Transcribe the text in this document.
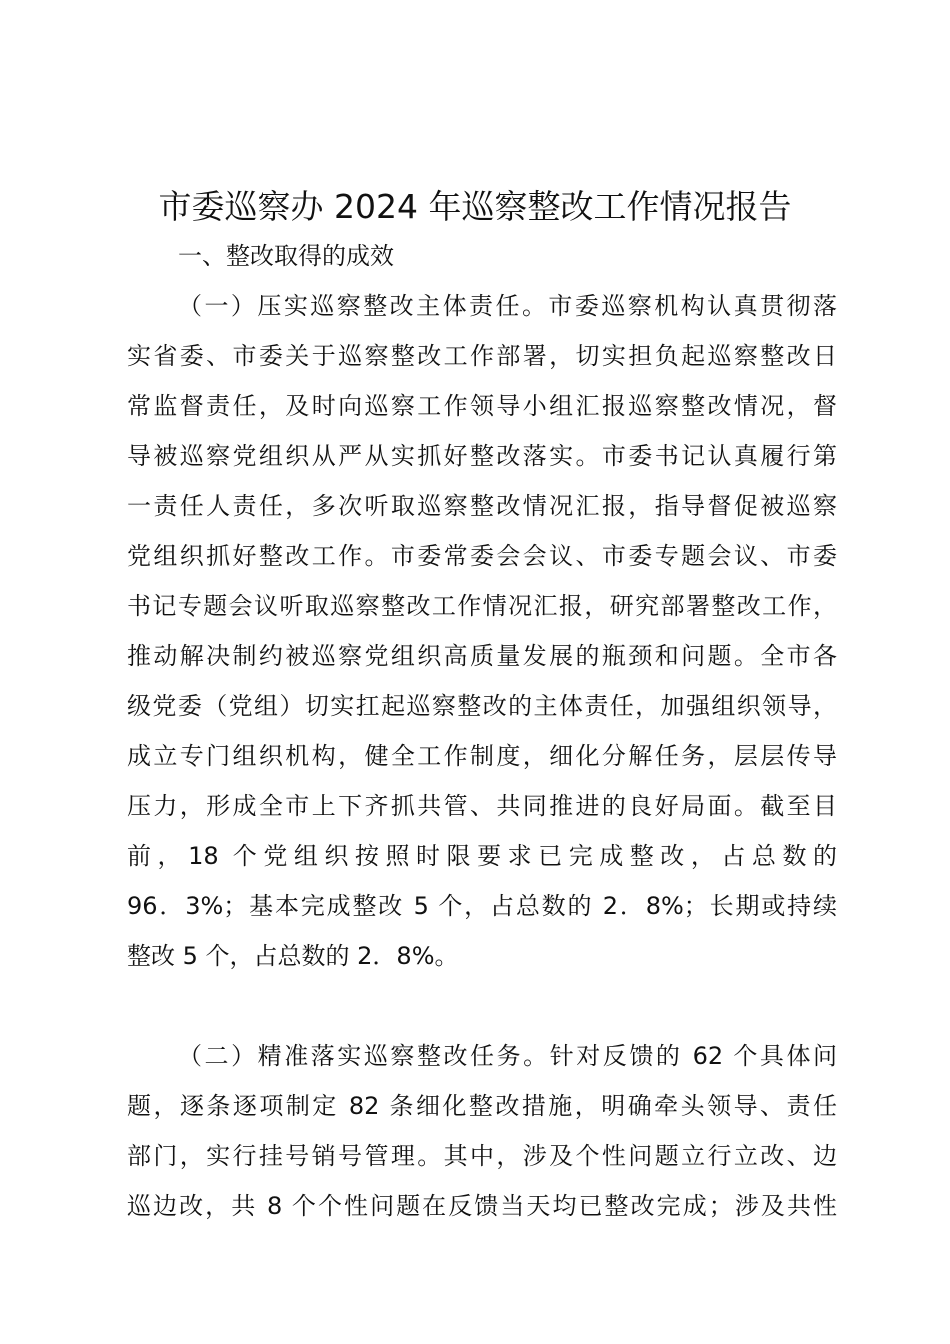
市委巡察办 2024 年巡察整改工作情况报告

一、整改取得的成效

（一）压实巡察整改主体责任。市委巡察机构认真贯彻落

实省委、市委关于巡察整改工作部署，切实担负起巡察整改日

常监督责任，及时向巡察工作领导小组汇报巡察整改情况，督

导被巡察党组织从严从实抓好整改落实。市委书记认真履行第

一责任人责任，多次听取巡察整改情况汇报，指导督促被巡察

党组织抓好整改工作。市委常委会会议、市委专题会议、市委

书记专题会议听取巡察整改工作情况汇报，研究部署整改工作，

推动解决制约被巡察党组织高质量发展的瓶颈和问题。全市各

级党委（党组）切实扛起巡察整改的主体责任，加强组织领导，

成立专门组织机构，健全工作制度，细化分解任务，层层传导

压力，形成全市上下齐抓共管、共同推进的良好局面。截至目

前，18 个党组织按照时限要求已完成整改，占总数的

96．3%；基本完成整改 5 个，占总数的 2．8%；长期或持续

整改 5 个，占总数的 2．8%。

（二）精准落实巡察整改任务。针对反馈的 62 个具体问

题，逐条逐项制定 82 条细化整改措施，明确牵头领导、责任

部门，实行挂号销号管理。其中，涉及个性问题立行立改、边

巡边改，共 8 个个性问题在反馈当天均已整改完成；涉及共性
